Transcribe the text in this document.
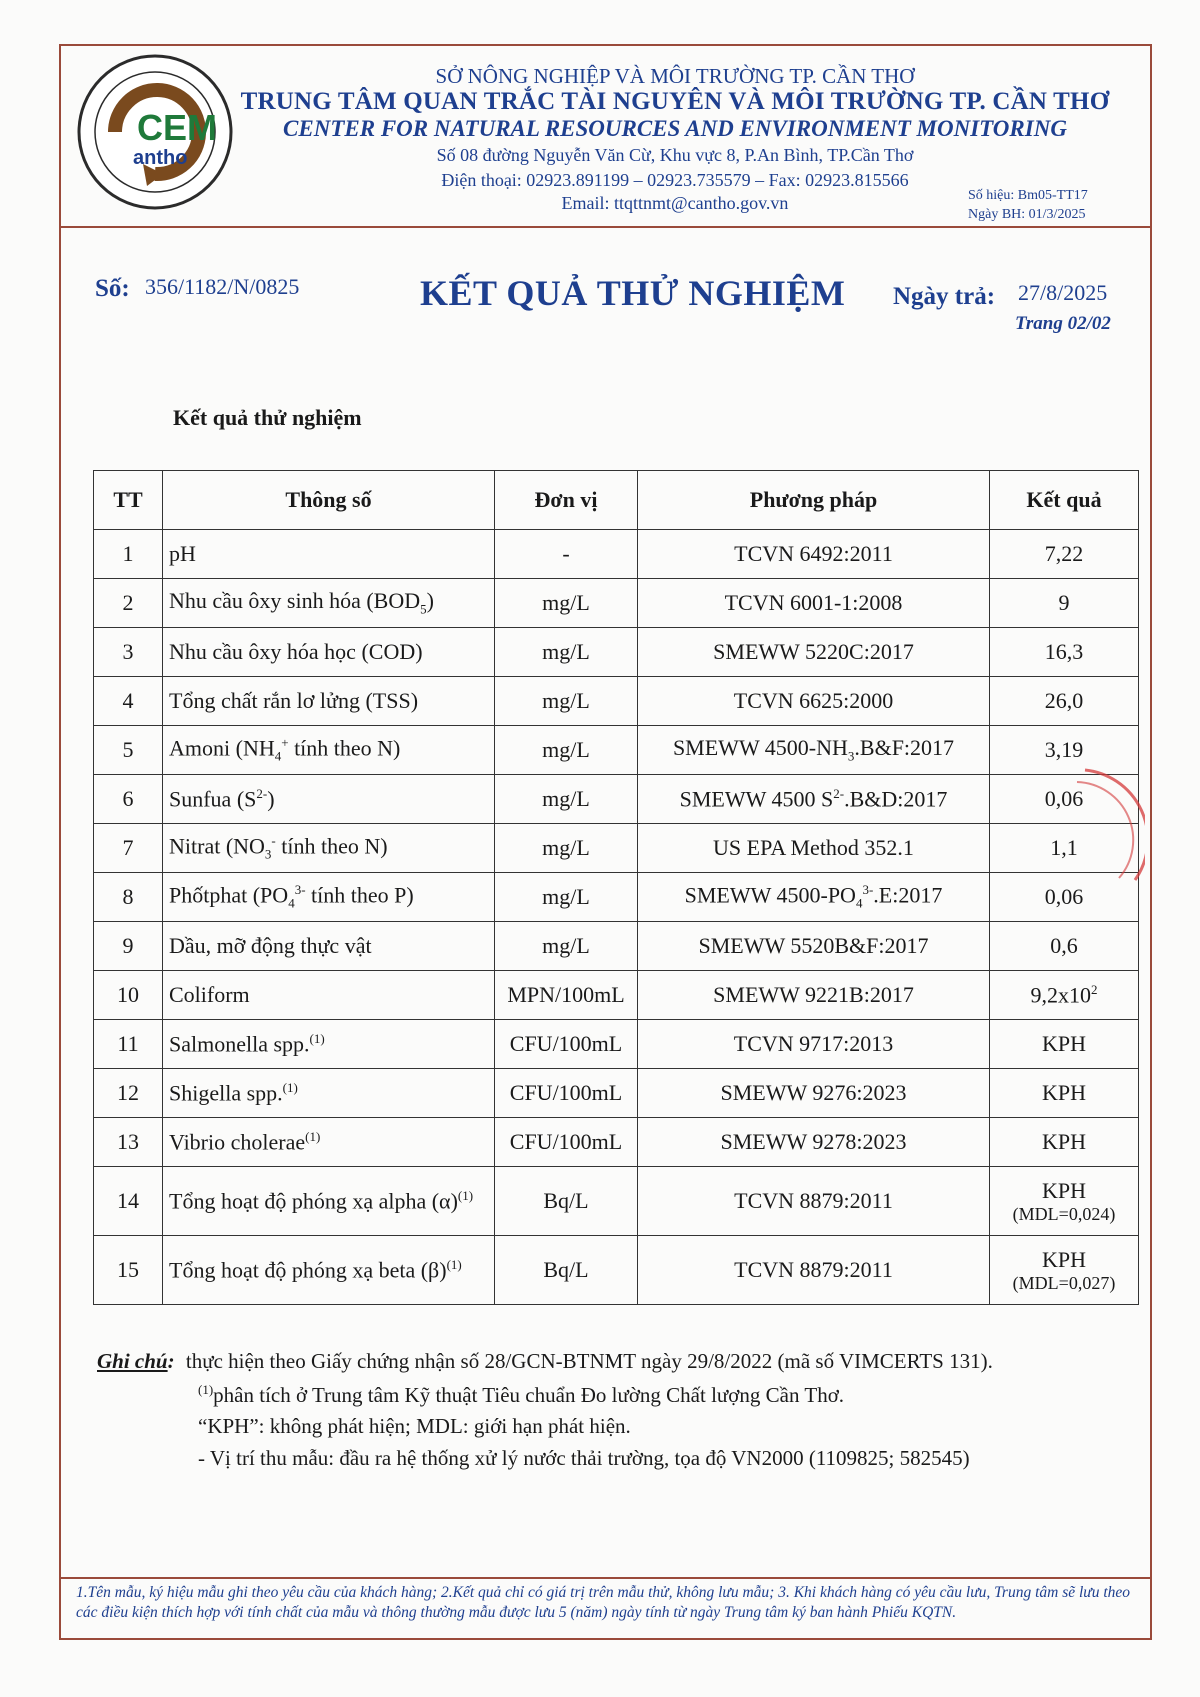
CEM
antho
SỞ NÔNG NGHIỆP VÀ MÔI TRƯỜNG TP. CẦN THƠ
TRUNG TÂM QUAN TRẮC TÀI NGUYÊN VÀ MÔI TRƯỜNG TP. CẦN THƠ
CENTER FOR NATURAL RESOURCES AND ENVIRONMENT MONITORING
Số 08 đường Nguyễn Văn Cừ, Khu vực 8, P.An Bình, TP.Cần Thơ
Điện thoại: 02923.891199 – 02923.735579 – Fax: 02923.815566
Email: ttqttnmt@cantho.gov.vn	Số hiệu: Bm05-TT17
Ngày BH: 01/3/2025
Số: 356/1182/N/0825	KẾT QUẢ THỬ NGHIỆM Ngày trả: 27/8/2025
Trang 02/02
Kết quả thử nghiệm
TT	Thông số	Đơn vị	Phương pháp	Kết quả
1	pH	-	TCVN 6492:2011	7,22
2	Nhu cầu ôxy sinh hóa $(BOD_5)$	mg/L	TCVN 6001-1:2008	9
3	Nhu cầu ôxy hóa học (COD)	mg/L	SMEWW 5220C:2017	16,3
4	Tổng chất rắn lơ lửng (TSS)	mg/L	TCVN 6625:2000	26,0
5	Amoni ($NH_4^+$ tính theo N)	mg/L	SMEWW $4500-NH_3.B\&F:2017$	3,19
6	Sunfua $(S^{2-})$	mg/L	SMEWW 4500 $S^{2-}.B\&D:2017$	0,06
7	Nitrat ($NO_3^-$ tính theo N)	mg/L	US EPA Method 352.1	1,1
8	Phốtphat ($PO_4^{3-}$ tính theo P)	mg/L	SMEWW $4500-PO_4^{3-}.E:2017$	0,06
9	Dầu, mỡ động thực vật	mg/L	SMEWW 5520B&F:2017	0,6
10	Coliform	MPN/100mL	SMEWW 9221B:2017	$9,2x10^2$
11	Salmonella spp.$^{(1)}$	CFU/100mL	TCVN 9717:2013	KPH
12	Shigella spp.$^{(1)}$	CFU/100mL	SMEWW 9276:2023	KPH
13	Vibrio cholerae$^{(1)}$	CFU/100mL	SMEWW 9278:2023	KPH
14	Tổng hoạt độ phóng xạ alpha $(\alpha)^{(1)}$	Bq/L	TCVN 8879:2011	KPH
(MDL=0,024)

15	Tổng hoạt độ phóng xạ beta $(\beta)^{(1)}$	Bq/L	TCVN 8879:2011	KPH
(MDL=0,027)
Ghi chú: thực hiện theo Giấy chứng nhận số 28/GCN-BTNMT ngày 29/8/2022 (mã số VIMCERTS 131).
$^{(1)}$phân tích ở Trung tâm Kỹ thuật Tiêu chuẩn Đo lường Chất lượng Cần Thơ.
“KPH”: không phát hiện; MDL: giới hạn phát hiện.
- Vị trí thu mẫu: đầu ra hệ thống xử lý nước thải trường, tọa độ VN2000 (1109825; 582545)
1.Tên mẫu, ký hiệu mẫu ghi theo yêu cầu của khách hàng; 2.Kết quả chỉ có giá trị trên mẫu thử, không lưu mẫu; 3. Khi khách hàng có yêu cầu lưu, Trung tâm sẽ lưu theo các điều kiện thích hợp với tính chất của mẫu và thông thường mẫu được lưu 5 (năm) ngày tính từ ngày Trung tâm ký ban hành Phiếu KQTN.
